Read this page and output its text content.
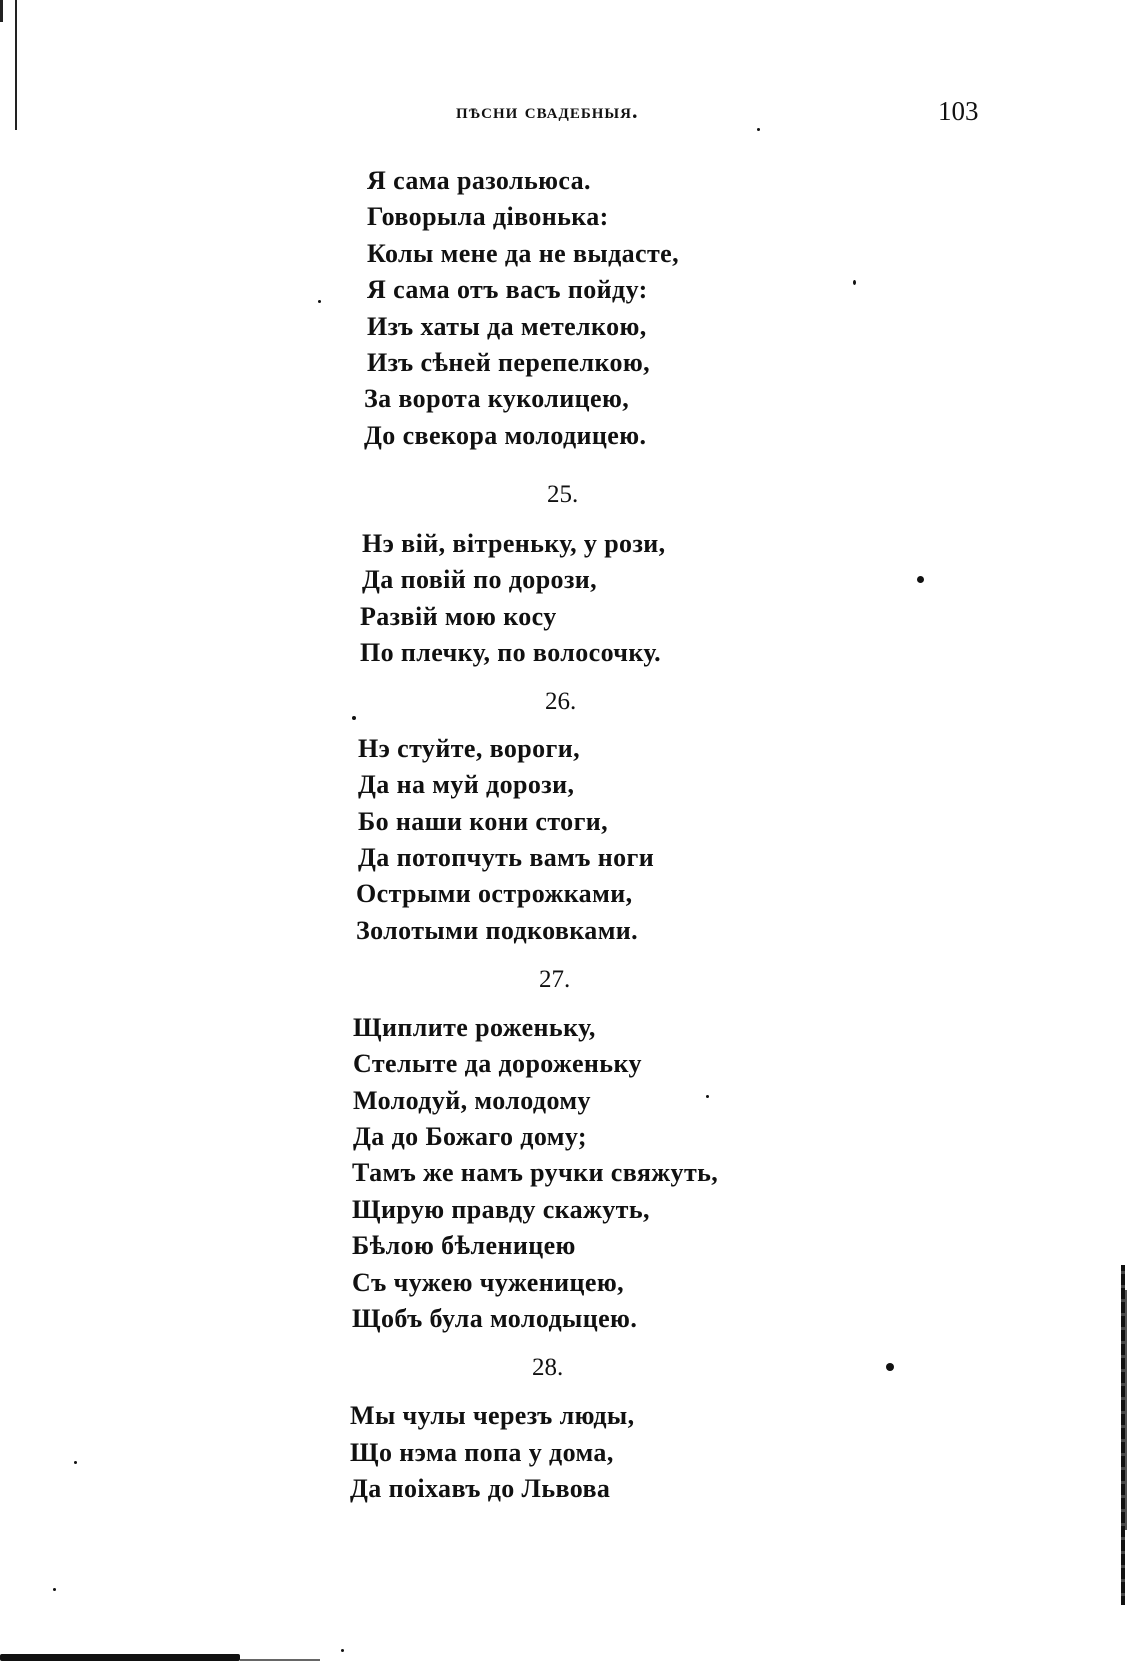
пѣсни свадебныя.	103
Я сама разольюса.
Говорыла дівонька:
Колы мене да не выдасте,
Я сама отъ васъ пойду:
Изъ хаты да метелкою,
Изъ сѣней перепелкою,
За ворота куколицею,
До свекора молодицею.
25.
Нэ вій, вітреньку, у рози,
Да повій по дорози,
Развій мою косу
По плечку, по волосочку.
26.
Нэ стуйте, вороги,
Да на муй дорози,
Бо наши кони стоги,
Да потопчуть вамъ ноги
Острыми острожками,
Золотыми подковками.
27.
Щиплите роженьку,
Стелыте да дороженьку
Молодуй, молодому
Да до Божаго дому;
Тамъ же намъ ручки свяжуть,
Щирую правду скажуть,
Бѣлою бѣленицею
Съ чужею чуженицею,
Щобъ була молодыцею.
28.
Мы чулы черезъ люды,
Що нэма попа у дома,
Да поіхавъ до Львова
